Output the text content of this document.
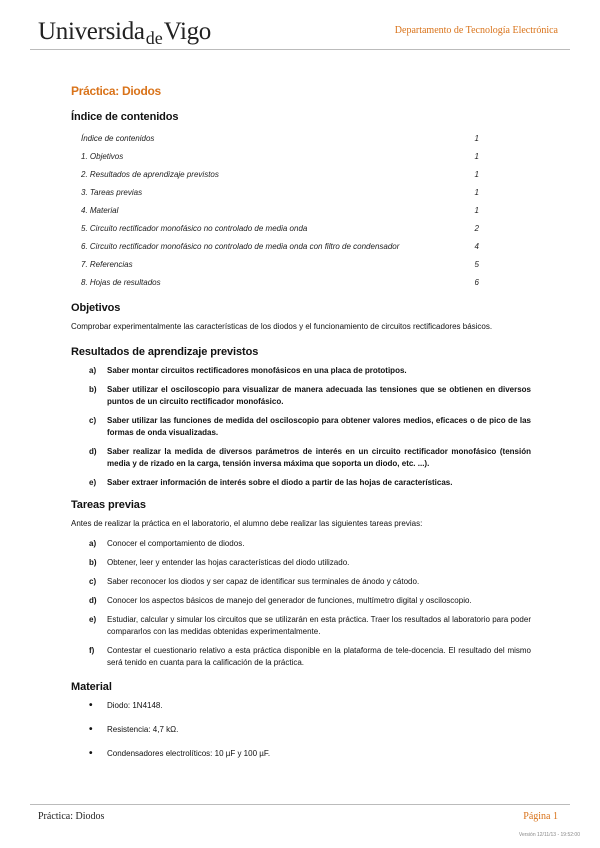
UniversidadeVigo	Departamento de Tecnología Electrónica
Práctica: Diodos
Índice de contenidos
Índice de contenidos	1
1. Objetivos	1
2. Resultados de aprendizaje previstos	1
3. Tareas previas	1
4. Material	1
5. Circuito rectificador monofásico no controlado de media onda	2
6. Circuito rectificador monofásico no controlado de media onda con filtro de condensador	4
7. Referencias	5
8. Hojas de resultados	6
Objetivos

Comprobar experimentalmente las características de los diodos y el funcionamiento de circuitos rectificadores básicos.

Resultados de aprendizaje previstos
a)	Saber montar circuitos rectificadores monofásicos en una placa de prototipos.
b)	Saber utilizar el osciloscopio para visualizar de manera adecuada las tensiones que se obtienen en diversos puntos de un circuito rectificador monofásico.
c)	Saber utilizar las funciones de medida del osciloscopio para obtener valores medios, eficaces o de pico de las formas de onda visualizadas.
d)	Saber realizar la medida de diversos parámetros de interés en un circuito rectificador monofásico (tensión media y de rizado en la carga, tensión inversa máxima que soporta un diodo, etc. ...).
e)	Saber extraer información de interés sobre el diodo a partir de las hojas de características.
Tareas previas

Antes de realizar la práctica en el laboratorio, el alumno debe realizar las siguientes tareas previas:

a)	Conocer el comportamiento de diodos.
b)	Obtener, leer y entender las hojas características del diodo utilizado.
c)	Saber reconocer los diodos y ser capaz de identificar sus terminales de ánodo y cátodo.
d)	Conocer los aspectos básicos de manejo del generador de funciones, multímetro digital y osciloscopio.
e)	Estudiar, calcular y simular los circuitos que se utilizarán en esta práctica. Traer los resultados al laboratorio para poder compararlos con las medidas obtenidas experimentalmente.
f)	Contestar el cuestionario relativo a esta práctica disponible en la plataforma de tele-docencia. El resultado del mismo será tenido en cuanta para la calificación de la práctica.
Material
•	Diodo: 1N4148.
•	Resistencia: 4,7 kΩ.
•	Condensadores electrolíticos: 10 µF y 100 µF.
Práctica: Diodos	Página 1
Versión 12/11/13 - 19:52:00
